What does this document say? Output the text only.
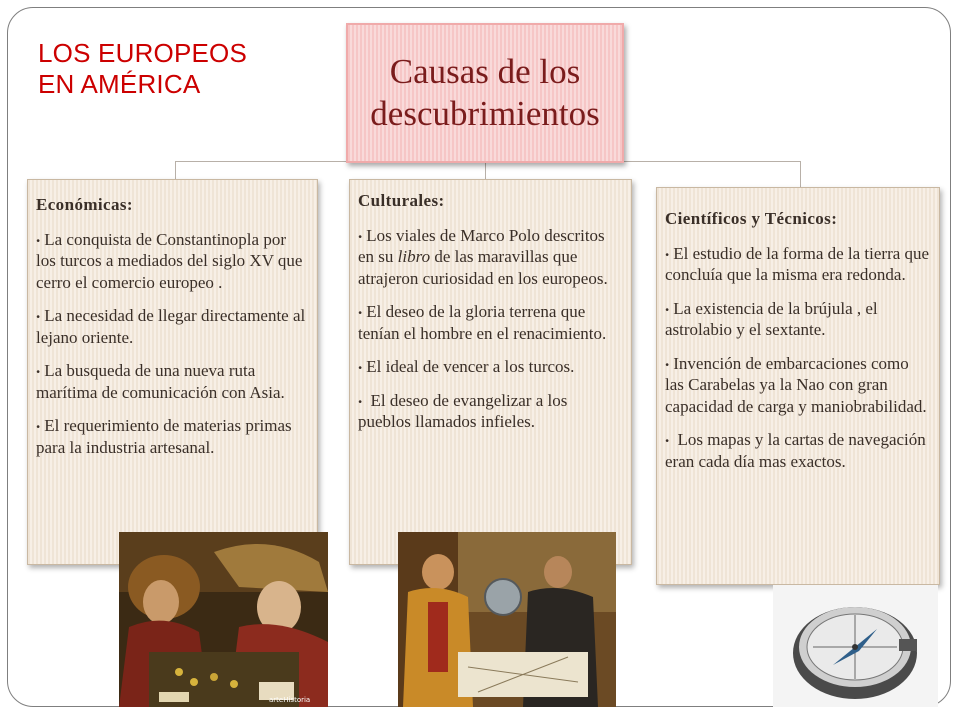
LOS EUROPEOS
EN AMÉRICA	Causas de los
descubrimientos
Económicas:

. La conquista de Constantinopla por los turcos a mediados del siglo XV que cerro el comercio europeo .

. La necesidad de llegar directamente al lejano oriente.

. La busqueda de una nueva ruta marítima de comunicación con Asia.

. El requerimiento de materias primas para la industria artesanal.

Culturales:

. Los viales de Marco Polo descritos en su libro de las maravillas que atrajeron curiosidad en los europeos.

. El deseo de la gloria terrena que tenían el hombre en el renacimiento.

. El ideal de vencer a los turcos.

. El deseo de evangelizar a los pueblos llamados infieles.

Científicos y Técnicos:

. El estudio de la forma de la tierra que concluía que la misma era redonda.

. La existencia de la brújula , el astrolabio y el sextante.

. Invención de embarcaciones como las Carabelas ya la Nao con gran capacidad de carga y maniobrabilidad.

. Los mapas y la cartas de navegación eran cada día mas exactos.

arteHistoria
